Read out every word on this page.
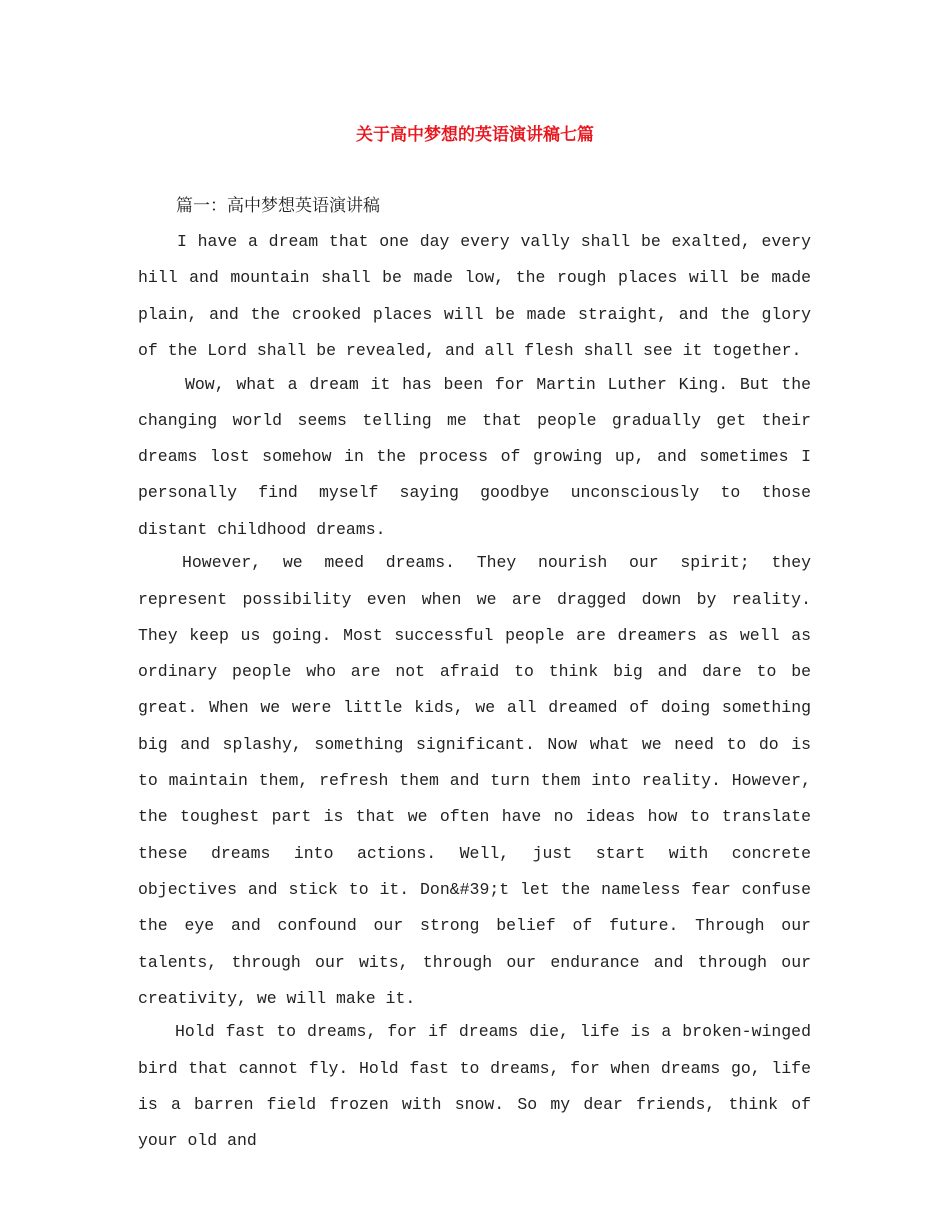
关于高中梦想的英语演讲稿七篇
篇一：高中梦想英语演讲稿

I have a dream that one day every vally shall be exalted, every hill and mountain shall be made low, the rough places will be made plain, and the crooked places will be made straight, and the glory of the Lord shall be revealed, and all flesh shall see it together.

Wow, what a dream it has been for Martin Luther King. But the changing world seems telling me that people gradually get their dreams lost somehow in the process of growing up, and sometimes I personally find myself saying goodbye unconsciously to those distant childhood dreams.

However, we meed dreams. They nourish our spirit; they represent possibility even when we are dragged down by reality. They keep us going. Most successful people are dreamers as well as ordinary people who are not afraid to think big and dare to be great. When we were little kids, we all dreamed of doing something big and splashy, something significant. Now what we need to do is to maintain them, refresh them and turn them into reality. However, the toughest part is that we often have no ideas how to translate these dreams into actions. Well, just start with concrete objectives and stick to it. Don&#39;t let the nameless fear confuse the eye and confound our strong belief of future. Through our talents, through our wits, through our endurance and through our creativity, we will make it.

Hold fast to dreams, for if dreams die, life is a broken-winged bird that cannot fly. Hold fast to dreams, for when dreams go, life is a barren field frozen with snow. So my dear friends, think of your old and
